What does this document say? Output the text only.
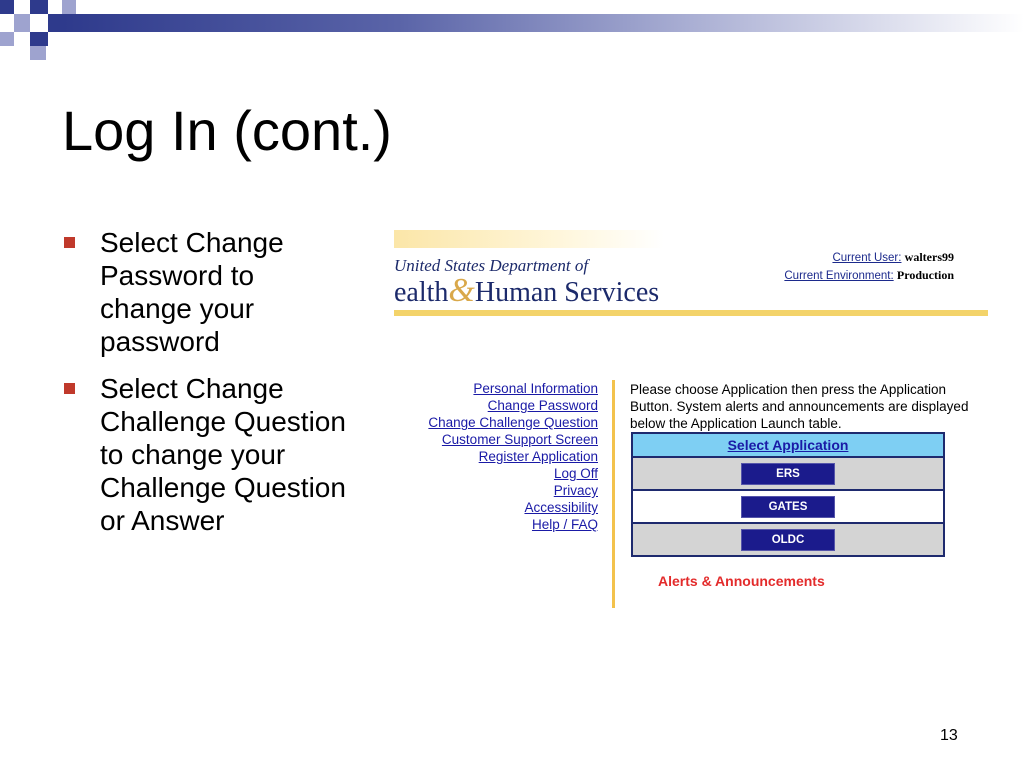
Log In (cont.)
Select Change Password to change your password
Select Change Challenge Question to change your Challenge Question or Answer
United States Department of
ealth&Human Services
Current User: walters99
Current Environment: Production
Personal Information
Change Password
Change Challenge Question
Customer Support Screen
Register Application
Log Off
Privacy
Accessibility
Help / FAQ
Please choose Application then press the Application Button. System alerts and announcements are displayed below the Application Launch table.
Select Application
ERS
GATES
OLDC
Alerts & Announcements
13
